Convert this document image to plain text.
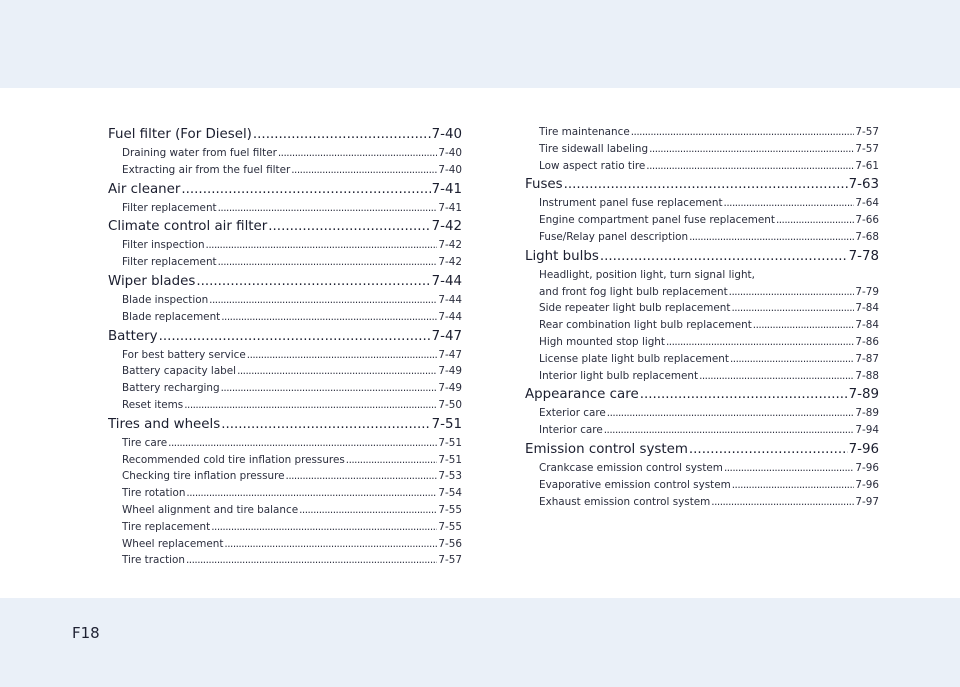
Fuel filter (For Diesel) .....	7-40
Draining water from fuel filter .....	7-40
Extracting air from the fuel filter .....	7-40
Air cleaner .....	7-41
Filter replacement .....	7-41
Climate control air filter .....	7-42
Filter inspection .....	7-42
Filter replacement .....	7-42
Wiper blades .....	7-44
Blade inspection .....	7-44
Blade replacement .....	7-44
Battery .....	7-47
For best battery service .....	7-47
Battery capacity label .....	7-49
Battery recharging .....	7-49
Reset items .....	7-50
Tires and wheels .....	7-51
Tire care .....	7-51
Recommended cold tire inflation pressures .....	7-51
Checking tire inflation pressure .....	7-53
Tire rotation .....	7-54
Wheel alignment and tire balance .....	7-55
Tire replacement .....	7-55
Wheel replacement .....	7-56
Tire traction .....	7-57
Tire maintenance .....	7-57
Tire sidewall labeling .....	7-57
Low aspect ratio tire .....	7-61
Fuses .....	7-63
Instrument panel fuse replacement .....	7-64
Engine compartment panel fuse replacement .....	7-66
Fuse/Relay panel description .....	7-68
Light bulbs .....	7-78
Headlight, position light, turn signal light,
and front fog light bulb replacement .....	7-79
Side repeater light bulb replacement .....	7-84
Rear combination light bulb replacement .....	7-84
High mounted stop light .....	7-86
License plate light bulb replacement .....	7-87
Interior light bulb replacement .....	7-88
Appearance care .....	7-89
Exterior care .....	7-89
Interior care .....	7-94
Emission control system .....	7-96
Crankcase emission control system .....	7-96
Evaporative emission control system .....	7-96
Exhaust emission control system .....	7-97
F18
